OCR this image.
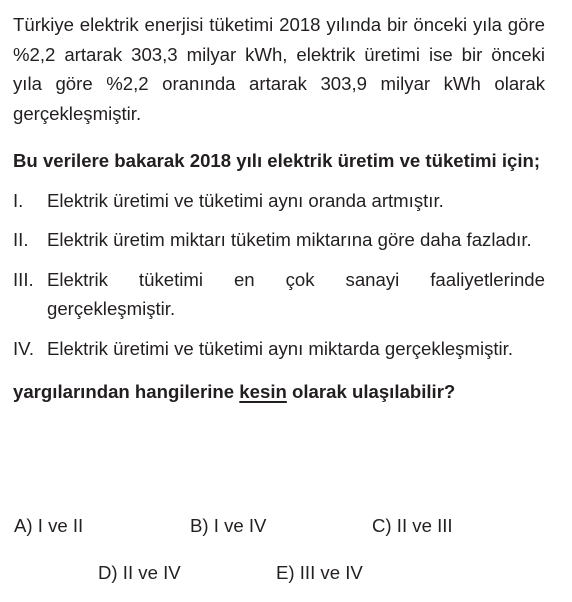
Türkiye elektrik enerjisi tüketimi 2018 yılında bir önceki yıla göre %2,2 artarak 303,3 milyar kWh, elektrik üretimi ise bir önceki yıla göre %2,2 oranında artarak 303,9 milyar kWh olarak gerçekleşmiştir.

Bu verilere bakarak 2018 yılı elektrik üretim ve tüketimi için;

I.	Elektrik üretimi ve tüketimi aynı oranda artmıştır.
II. Elektrik üretim miktarı tüketim miktarına göre daha fazladır.
III. Elektrik tüketimi en çok sanayi faaliyetlerinde gerçekleşmiştir.
IV. Elektrik üretimi ve tüketimi aynı miktarda gerçekleşmiştir.
yargılarından hangilerine kesin olarak ulaşılabilir?
A) I ve II	B) I ve IV	C) II ve III
D) II ve IV	E) III ve IV
